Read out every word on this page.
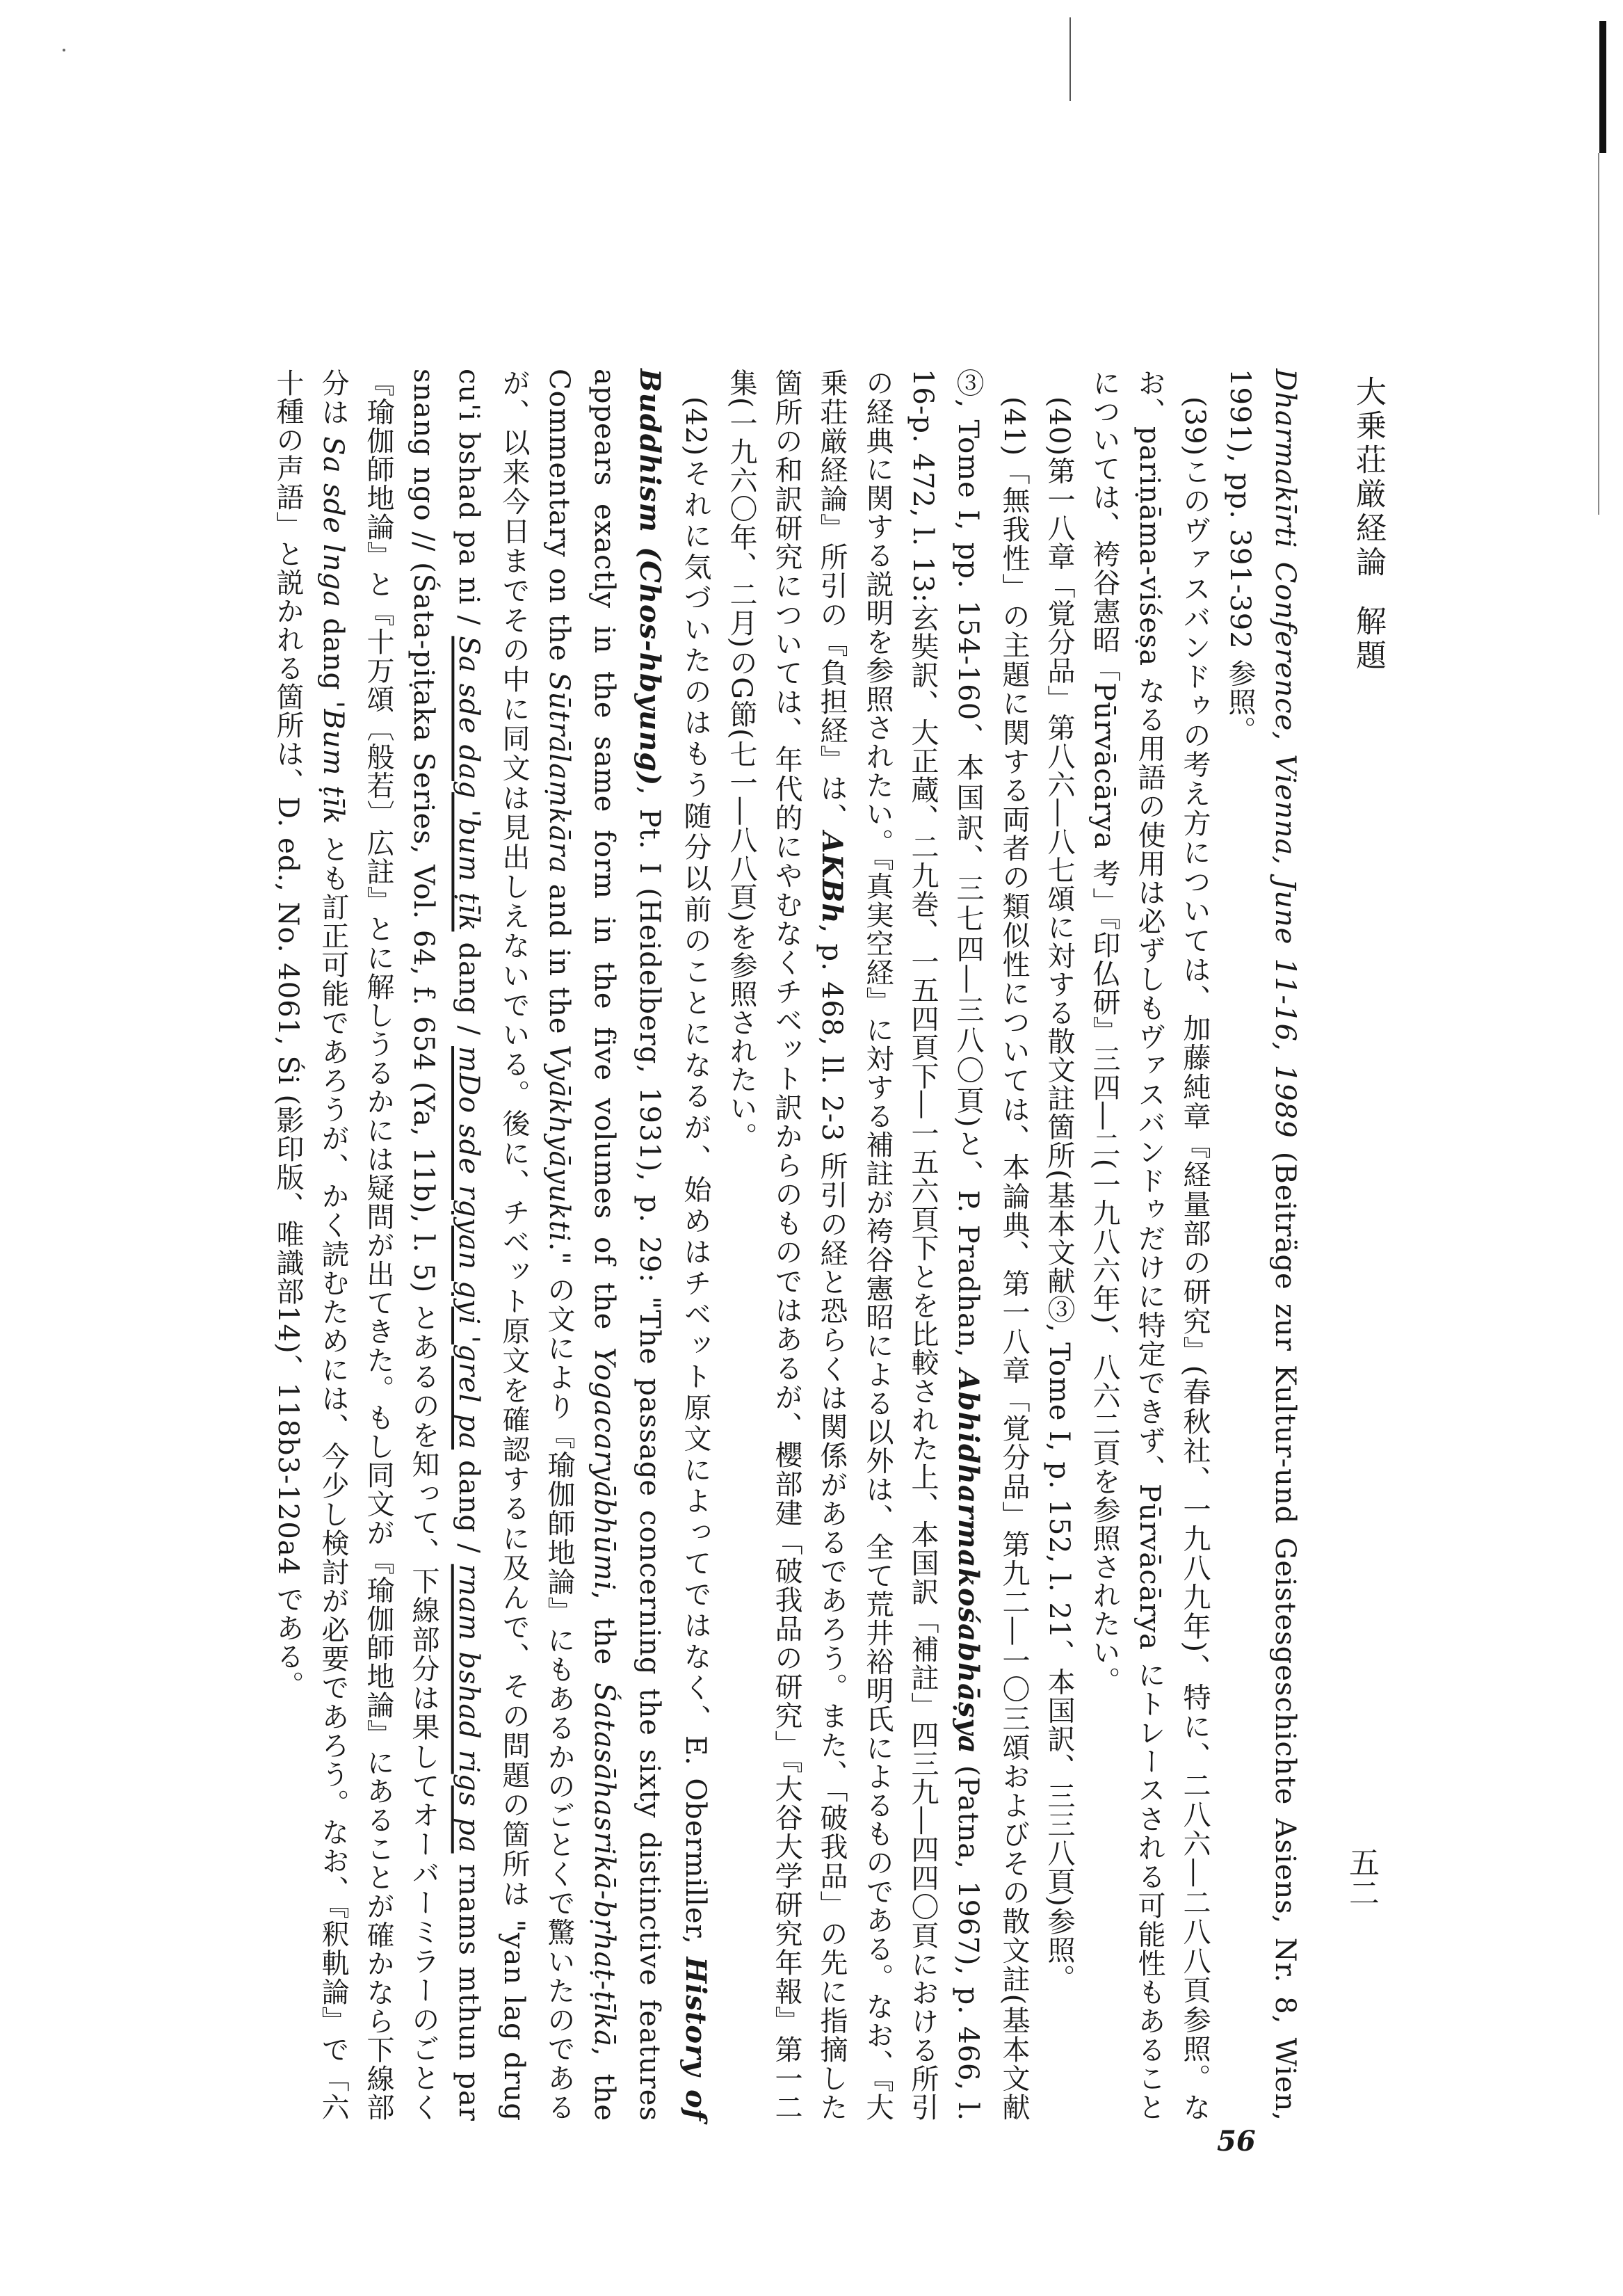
大乗荘厳経論解題
五二
56

Dharmakīrti Conference, Vienna, June 11-16, 1989 (Beiträge zur Kultur-und Geistesgeschichte Asiens, Nr. 8, Wien, 1991), pp. 391-392 参照。

(39)このヴァスバンドゥの考え方については、加藤純章『経量部の研究』(春秋社、一九八九年)、特に、二八六―二八八頁参照。なお、pariṇāma-viśeṣa なる用語の使用は必ずしもヴァスバンドゥだけに特定できず、Pūrvācārya にトレースされる可能性もあることについては、袴谷憲昭「Pūrvācārya 考」『印仏研』三四―二(一九八六年)、八六二頁を参照されたい。

(40)第一八章「覚分品」第八六―八七頌に対する散文註箇所(基本文献③, Tome I, p. 152, l. 21、本国訳、三三八頁)参照。

(41)「無我性」の主題に関する両者の類似性については、本論典、第一八章「覚分品」第九二―一〇三頌およびその散文註(基本文献③, Tome I, pp. 154-160、本国訳、三七四―三八〇頁)と、P. Pradhan, Abhidharmakośabhāṣya (Patna, 1967), p. 466, l. 16-p. 472, l. 13:玄奘訳、大正蔵、二九巻、一五四頁下―一五六頁下とを比較された上、本国訳「補註」四三九―四四〇頁における所引の経典に関する説明を参照されたい。『真実空経』に対する補註が袴谷憲昭による以外は、全て荒井裕明氏によるものである。なお、『大乗荘厳経論』所引の『負担経』は、AKBh, p. 468, ll. 2-3 所引の経と恐らくは関係があるであろう。また、「破我品」の先に指摘した箇所の和訳研究については、年代的にやむなくチベット訳からのものではあるが、櫻部建「破我品の研究」『大谷大学研究年報』第一二集(一九六〇年、二月)のG節(七一―八八頁)を参照されたい。

(42)それに気づいたのはもう随分以前のことになるが、始めはチベット原文によってではなく、E. Obermiller, History of Buddhism (Chos-hbyung), Pt. I (Heidelberg, 1931), p. 29: "The passage concerning the sixty distinctive features appears exactly in the same form in the five volumes of the Yogacaryābhūmi, the Śatasāhasrikā-bṛhaṭ-ṭīkā, the Commentary on the Sūtrālaṃkāra and in the Vyākhyāyukti." の文により『瑜伽師地論』にもあるかのごとくで驚いたのであるが、以来今日までその中に同文は見出しえないでいる。後に、チベット原文を確認するに及んで、その問題の箇所は "yan lag drug cu'i bshad pa ni / Sa sde dag 'bum ṭīk dang / mDo sde rgyan gyi 'grel pa dang / rnam bshad rigs pa rnams mthun par snang ngo // (Śata-piṭaka Series, Vol. 64, f. 654 (Ya, 11b), l. 5) とあるのを知って、下線部分は果してオーバーミラーのごとく『瑜伽師地論』と『十万頌〔般若〕広註』とに解しうるかには疑問が出てきた。もし同文が『瑜伽師地論』にあることが確かなら下線部分は Sa sde lnga dang 'Bum ṭīk とも訂正可能であろうが、かく読むためには、今少し検討が必要であろう。なお、『釈軌論』で「六十種の声語」と説かれる箇所は、D. ed., No. 4061, Śi (影印版、唯識部14)、118b3-120a4 である。
